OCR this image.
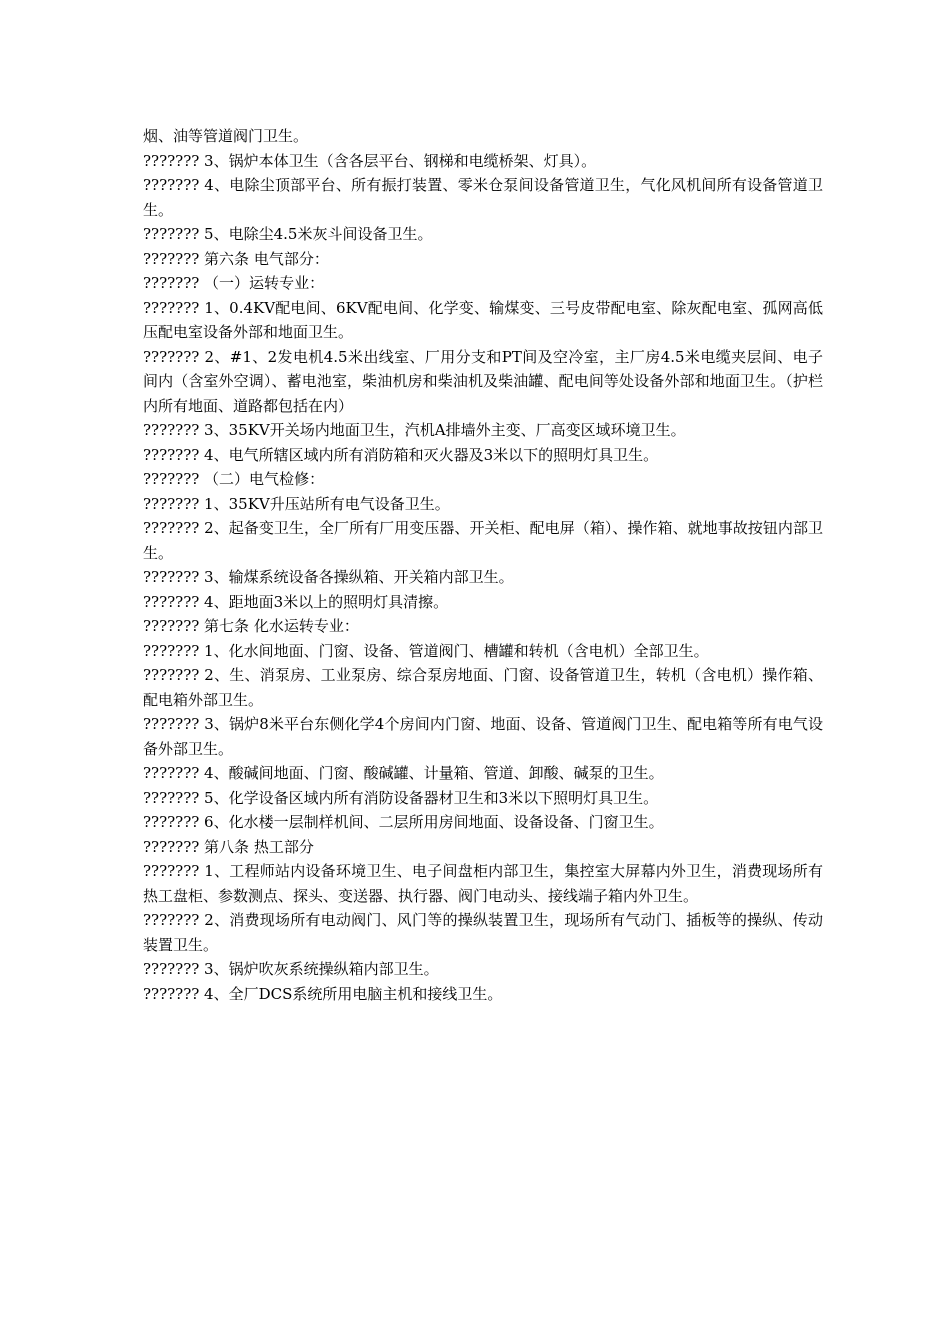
烟、油等管道阀门卫生。

??????? 3、锅炉本体卫生（含各层平台、钢梯和电缆桥架、灯具）。

??????? 4、电除尘顶部平台、所有振打装置、零米仓泵间设备管道卫生，气化风机间所有设备管道卫生。

??????? 5、电除尘4.5米灰斗间设备卫生。

??????? 第六条 电气部分：

??????? （一）运转专业：

??????? 1、0.4KV配电间、6KV配电间、化学变、输煤变、三号皮带配电室、除灰配电室、孤网高低压配电室设备外部和地面卫生。

??????? 2、#1、2发电机4.5米出线室、厂用分支和PT间及空冷室，主厂房4.5米电缆夹层间、电子间内（含室外空调）、蓄电池室，柴油机房和柴油机及柴油罐、配电间等处设备外部和地面卫生。（护栏内所有地面、道路都包括在内）

??????? 3、35KV开关场内地面卫生，汽机A排墙外主变、厂高变区域环境卫生。

??????? 4、电气所辖区域内所有消防箱和灭火器及3米以下的照明灯具卫生。

??????? （二）电气检修：

??????? 1、35KV升压站所有电气设备卫生。

??????? 2、起备变卫生，全厂所有厂用变压器、开关柜、配电屏（箱）、操作箱、就地事故按钮内部卫生。

??????? 3、输煤系统设备各操纵箱、开关箱内部卫生。

??????? 4、距地面3米以上的照明灯具清擦。

??????? 第七条 化水运转专业：

??????? 1、化水间地面、门窗、设备、管道阀门、槽罐和转机（含电机）全部卫生。

??????? 2、生、消泵房、工业泵房、综合泵房地面、门窗、设备管道卫生，转机（含电机）操作箱、配电箱外部卫生。

??????? 3、锅炉8米平台东侧化学4个房间内门窗、地面、设备、管道阀门卫生、配电箱等所有电气设备外部卫生。

??????? 4、酸碱间地面、门窗、酸碱罐、计量箱、管道、卸酸、碱泵的卫生。

??????? 5、化学设备区域内所有消防设备器材卫生和3米以下照明灯具卫生。

??????? 6、化水楼一层制样机间、二层所用房间地面、设备设备、门窗卫生。

??????? 第八条 热工部分

??????? 1、工程师站内设备环境卫生、电子间盘柜内部卫生，集控室大屏幕内外卫生，消费现场所有热工盘柜、参数测点、探头、变送器、执行器、阀门电动头、接线端子箱内外卫生。

??????? 2、消费现场所有电动阀门、风门等的操纵装置卫生，现场所有气动门、插板等的操纵、传动装置卫生。

??????? 3、锅炉吹灰系统操纵箱内部卫生。

??????? 4、全厂DCS系统所用电脑主机和接线卫生。
